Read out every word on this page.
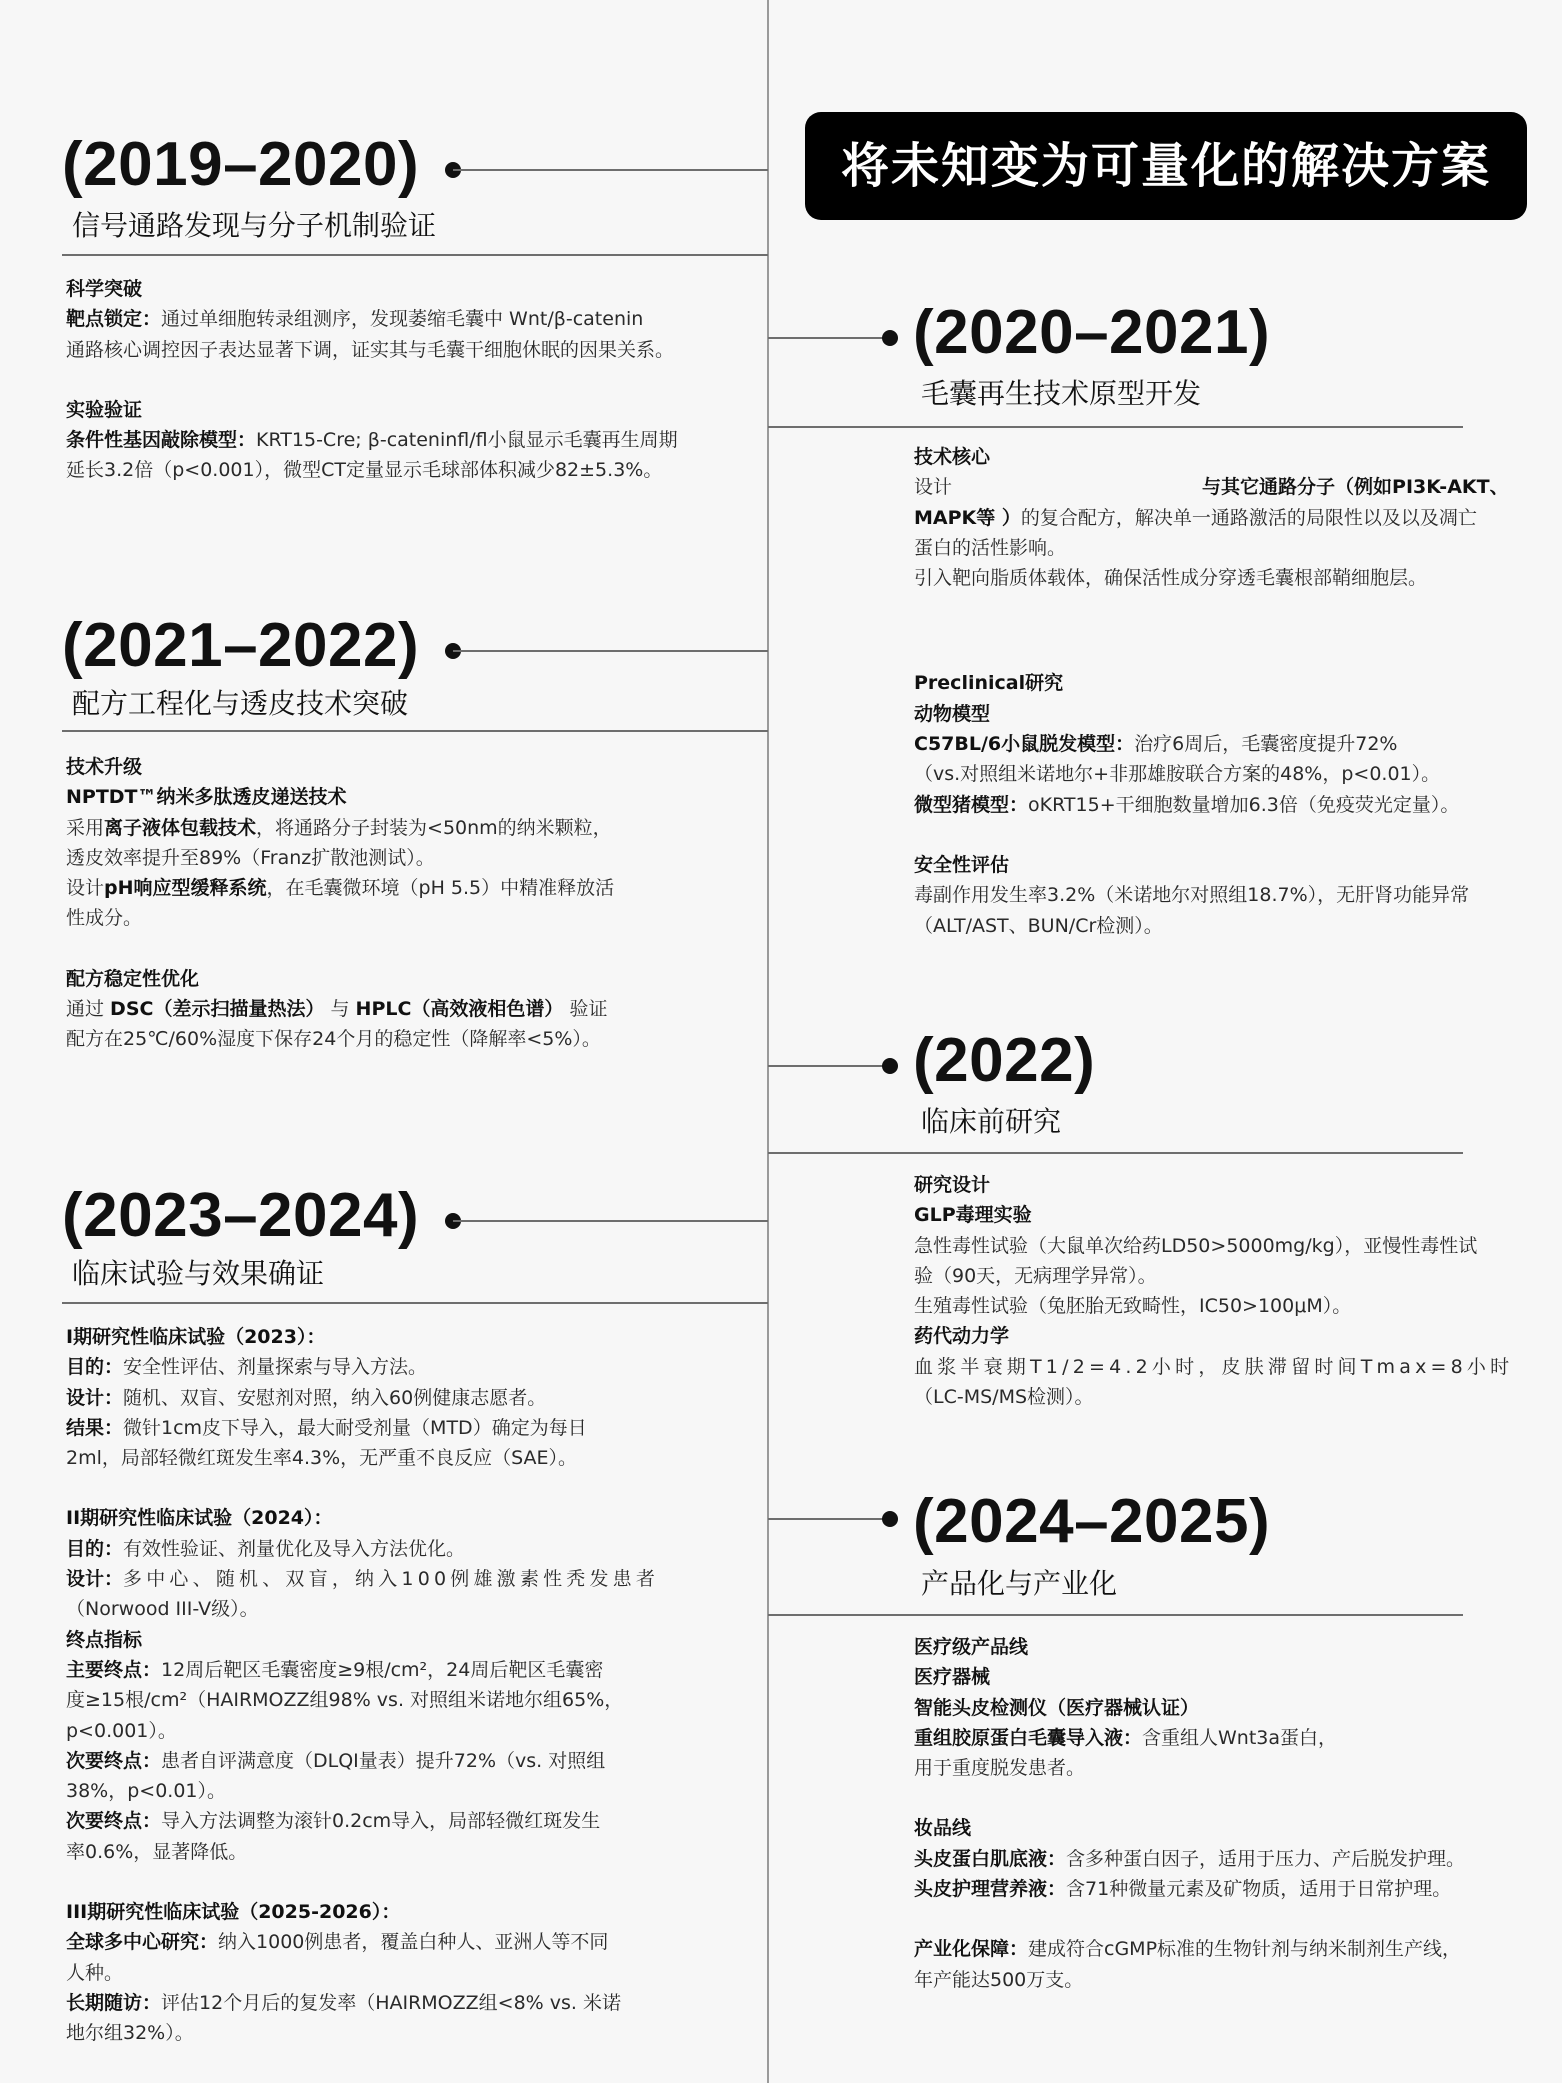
将未知变为可量化的解决方案
(2019–2020)
信号通路发现与分子机制验证

科学突破

靶点锁定：通过单细胞转录组测序，发现萎缩毛囊中 Wnt/β-catenin

通路核心调控因子表达显著下调，证实其与毛囊干细胞休眠的因果关系。

实验验证

条件性基因敲除模型：KRT15-Cre; β-cateninfl/fl小鼠显示毛囊再生周期

延长3.2倍（p<0.001），微型CT定量显示毛球部体积减少82±5.3%。

(2020–2021)
毛囊再生技术原型开发

技术核心

设计	与其它通路分子（例如PI3K-AKT、

MAPK等 ）的复合配方，解决单一通路激活的局限性以及以及凋亡

蛋白的活性影响。

引入靶向脂质体载体，确保活性成分穿透毛囊根部鞘细胞层。

Preclinical研究

动物模型

C57BL/6小鼠脱发模型：治疗6周后，毛囊密度提升72%

（vs.对照组米诺地尔+非那雄胺联合方案的48%，p<0.01）。

微型猪模型：oKRT15+干细胞数量增加6.3倍（免疫荧光定量）。

安全性评估

毒副作用发生率3.2%（米诺地尔对照组18.7%），无肝肾功能异常

（ALT/AST、BUN/Cr检测）。

(2021–2022)
配方工程化与透皮技术突破

技术升级

NPTDT™纳米多肽透皮递送技术

采用离子液体包载技术，将通路分子封装为<50nm的纳米颗粒，

透皮效率提升至89%（Franz扩散池测试）。

设计pH响应型缓释系统，在毛囊微环境（pH 5.5）中精准释放活

性成分。

配方稳定性优化

通过 DSC（差示扫描量热法） 与 HPLC（高效液相色谱） 验证

配方在25℃/60%湿度下保存24个月的稳定性（降解率<5%）。	(2022)
临床前研究

研究设计

GLP毒理实验

急性毒性试验（大鼠单次给药LD50>5000mg/kg），亚慢性毒性试

验（90天，无病理学异常）。

生殖毒性试验（兔胚胎无致畸性，IC50>100μM）。

药代动力学

血浆半衰期T1/2=4.2小时，皮肤滞留时间Tmax=8小时

（LC-MS/MS检测）。

(2023–2024)
临床试验与效果确证

I期研究性临床试验（2023）：

目的：安全性评估、剂量探索与导入方法。

设计：随机、双盲、安慰剂对照，纳入60例健康志愿者。

结果：微针1cm皮下导入，最大耐受剂量（MTD）确定为每日

2ml，局部轻微红斑发生率4.3%，无严重不良反应（SAE）。

II期研究性临床试验（2024）：

目的：有效性验证、剂量优化及导入方法优化。

设计：多中心、随机、双盲，纳入100例雄激素性秃发患者

（Norwood III-V级）。

终点指标

主要终点：12周后靶区毛囊密度≥9根/cm²，24周后靶区毛囊密

度≥15根/cm²（HAIRMOZZ组98% vs. 对照组米诺地尔组65%，

p<0.001）。

次要终点：患者自评满意度（DLQI量表）提升72%（vs. 对照组

38%，p<0.01）。

次要终点：导入方法调整为滚针0.2cm导入，局部轻微红斑发生

率0.6%，显著降低。

III期研究性临床试验（2025-2026）：

全球多中心研究：纳入1000例患者，覆盖白种人、亚洲人等不同

人种。

长期随访：评估12个月后的复发率（HAIRMOZZ组<8% vs. 米诺

地尔组32%）。

(2024–2025)
产品化与产业化

医疗级产品线

医疗器械

智能头皮检测仪（医疗器械认证）

重组胶原蛋白毛囊导入液：含重组人Wnt3a蛋白，

用于重度脱发患者。

妆品线

头皮蛋白肌底液：含多种蛋白因子，适用于压力、产后脱发护理。

头皮护理营养液：含71种微量元素及矿物质，适用于日常护理。

产业化保障：建成符合cGMP标准的生物针剂与纳米制剂生产线，

年产能达500万支。
